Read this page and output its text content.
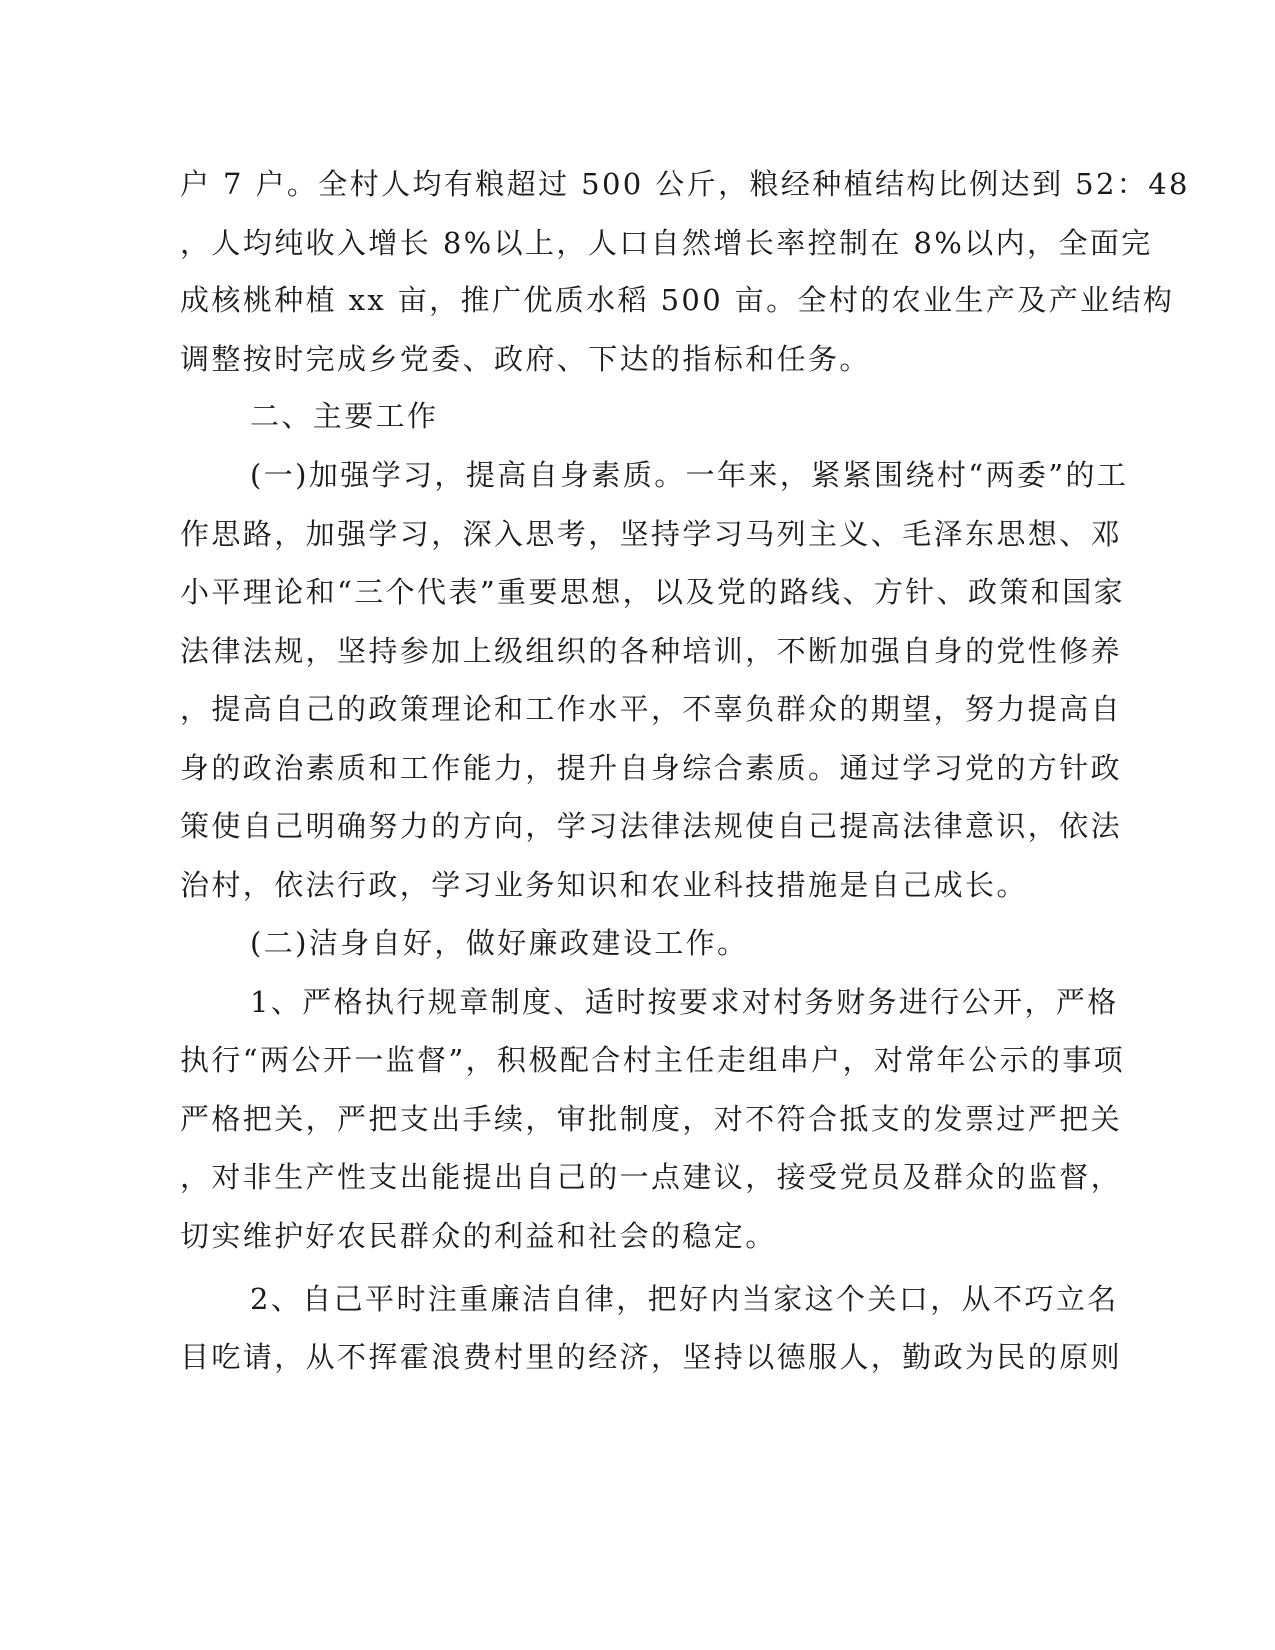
户 7 户。全村人均有粮超过 500 公斤，粮经种植结构比例达到 52：48
，人均纯收入增长 8%以上，人口自然增长率控制在 8%以内，全面完
成核桃种植 xx 亩，推广优质水稻 500 亩。全村的农业生产及产业结构
调整按时完成乡党委、政府、下达的指标和任务。
二、主要工作
(一)加强学习，提高自身素质。一年来，紧紧围绕村“两委”的工
作思路，加强学习，深入思考，坚持学习马列主义、毛泽东思想、邓
小平理论和“三个代表”重要思想，以及党的路线、方针、政策和国家
法律法规，坚持参加上级组织的各种培训，不断加强自身的党性修养
，提高自己的政策理论和工作水平，不辜负群众的期望，努力提高自
身的政治素质和工作能力，提升自身综合素质。通过学习党的方针政
策使自己明确努力的方向，学习法律法规使自己提高法律意识，依法
治村，依法行政，学习业务知识和农业科技措施是自己成长。
(二)洁身自好，做好廉政建设工作。
1、严格执行规章制度、适时按要求对村务财务进行公开，严格
执行“两公开一监督”，积极配合村主任走组串户，对常年公示的事项
严格把关，严把支出手续，审批制度，对不符合抵支的发票过严把关
，对非生产性支出能提出自己的一点建议，接受党员及群众的监督，
切实维护好农民群众的利益和社会的稳定。
2、自己平时注重廉洁自律，把好内当家这个关口，从不巧立名
目吃请，从不挥霍浪费村里的经济，坚持以德服人，勤政为民的原则
